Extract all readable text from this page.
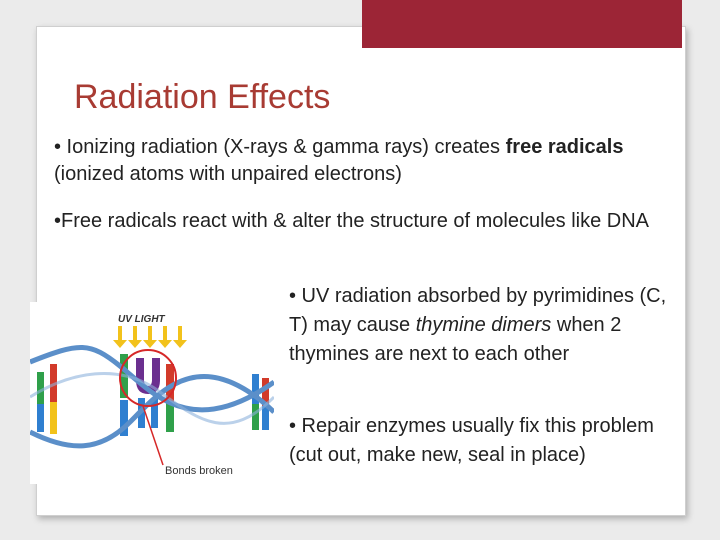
Radiation Effects
• Ionizing radiation (X-rays & gamma rays) creates free radicals (ionized atoms with unpaired electrons)
•Free radicals react with & alter the structure of molecules like DNA
• UV radiation absorbed by pyrimidines (C, T) may cause thymine dimers when 2 thymines are next to each other
• Repair enzymes usually fix this problem (cut out, make new, seal in place)
UV LIGHT
Bonds broken
